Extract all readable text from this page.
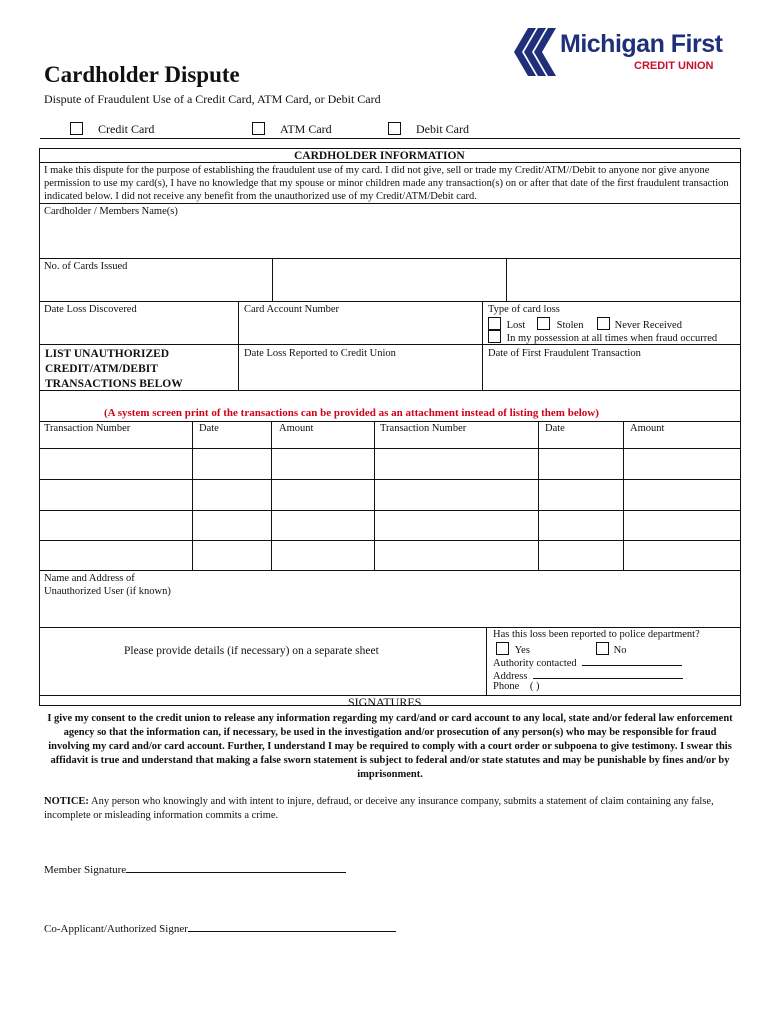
Michigan First
CREDIT UNION
Cardholder Dispute
Dispute of Fraudulent Use of a Credit Card, ATM Card, or Debit Card
Credit Card	ATM Card	Debit Card
CARDHOLDER INFORMATION
I make this dispute for the purpose of establishing the fraudulent use of my card. I did not give, sell or trade my Credit/ATM//Debit to anyone nor give anyone permission to use my card(s), I have no knowledge that my spouse or minor children made any transaction(s) on or after that date of the first fraudulent transaction indicated below. I did not receive any benefit from the unauthorized use of my Credit/ATM/Debit card.
Cardholder / Members Name(s)
No. of Cards Issued
Date Loss Discovered	Card Account Number	Type of card loss
Lost	Stolen	Never Received
In my possession at all times when fraud occurred
LIST UNAUTHORIZED
CREDIT/ATM/DEBIT
TRANSACTIONS BELOW
Date Loss Reported to Credit Union	Date of First Fraudulent Transaction
(A system screen print of the transactions can be provided as an attachment instead of listing them below)
Transaction Number	Date	Amount	Transaction Number	Date	Amount
Name and Address of
Unauthorized User (if known)
Please provide details (if necessary) on a separate sheet
Has this loss been reported to police department?
Yes	No
Authority contacted
Address
Phone ( )
SIGNATURES
I give my consent to the credit union to release any information regarding my card/and or card account to any local, state and/or federal law enforcement agency so that the information can, if necessary, be used in the investigation and/or prosecution of any person(s) who may be responsible for fraud involving my card and/or card account. Further, I understand I may be required to comply with a court order or subpoena to give testimony. I swear this affidavit is true and understand that making a false sworn statement is subject to federal and/or state statutes and may be punishable by fines and/or by imprisonment.
NOTICE: Any person who knowingly and with intent to injure, defraud, or deceive any insurance company, submits a statement of claim containing any false, incomplete or misleading information commits a crime.
Member Signature
Co-Applicant/Authorized Signer
